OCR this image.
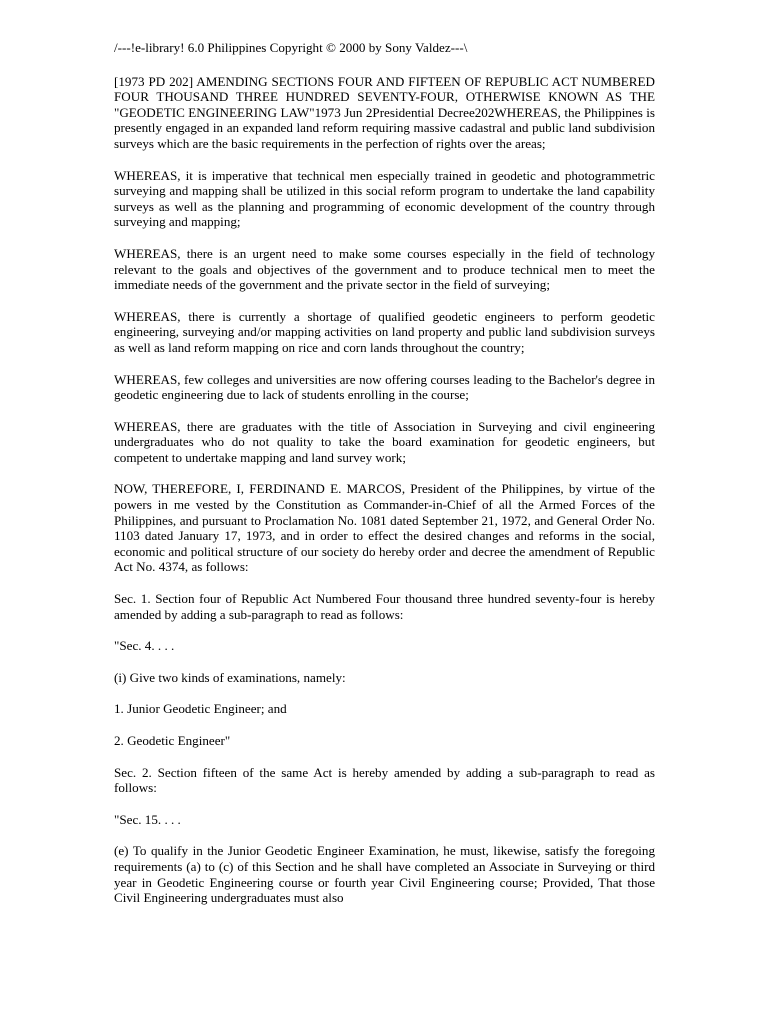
/---!e-library! 6.0 Philippines Copyright © 2000 by Sony Valdez---\

[1973 PD 202] AMENDING SECTIONS FOUR AND FIFTEEN OF REPUBLIC ACT NUMBERED FOUR THOUSAND THREE HUNDRED SEVENTY-FOUR, OTHERWISE KNOWN AS THE "GEODETIC ENGINEERING LAW"1973 Jun 2Presidential Decree202WHEREAS, the Philippines is presently engaged in an expanded land reform requiring massive cadastral and public land subdivision surveys which are the basic requirements in the perfection of rights over the areas;

WHEREAS, it is imperative that technical men especially trained in geodetic and photogrammetric surveying and mapping shall be utilized in this social reform program to undertake the land capability surveys as well as the planning and programming of economic development of the country through surveying and mapping;

WHEREAS, there is an urgent need to make some courses especially in the field of technology relevant to the goals and objectives of the government and to produce technical men to meet the immediate needs of the government and the private sector in the field of surveying;

WHEREAS, there is currently a shortage of qualified geodetic engineers to perform geodetic engineering, surveying and/or mapping activities on land property and public land subdivision surveys as well as land reform mapping on rice and corn lands throughout the country;

WHEREAS, few colleges and universities are now offering courses leading to the Bachelor's degree in geodetic engineering due to lack of students enrolling in the course;

WHEREAS, there are graduates with the title of Association in Surveying and civil engineering undergraduates who do not quality to take the board examination for geodetic engineers, but competent to undertake mapping and land survey work;

NOW, THEREFORE, I, FERDINAND E. MARCOS, President of the Philippines, by virtue of the powers in me vested by the Constitution as Commander-in-Chief of all the Armed Forces of the Philippines, and pursuant to Proclamation No. 1081 dated September 21, 1972, and General Order No. 1103 dated January 17, 1973, and in order to effect the desired changes and reforms in the social, economic and political structure of our society do hereby order and decree the amendment of Republic Act No. 4374, as follows:

Sec. 1. Section four of Republic Act Numbered Four thousand three hundred seventy-four is hereby amended by adding a sub-paragraph to read as follows:

"Sec. 4. . . .

(i) Give two kinds of examinations, namely:

1. Junior Geodetic Engineer; and

2. Geodetic Engineer"

Sec. 2. Section fifteen of the same Act is hereby amended by adding a sub-paragraph to read as follows:

"Sec. 15. . . .

(e) To qualify in the Junior Geodetic Engineer Examination, he must, likewise, satisfy the foregoing requirements (a) to (c) of this Section and he shall have completed an Associate in Surveying or third year in Geodetic Engineering course or fourth year Civil Engineering course; Provided, That those Civil Engineering undergraduates must also
